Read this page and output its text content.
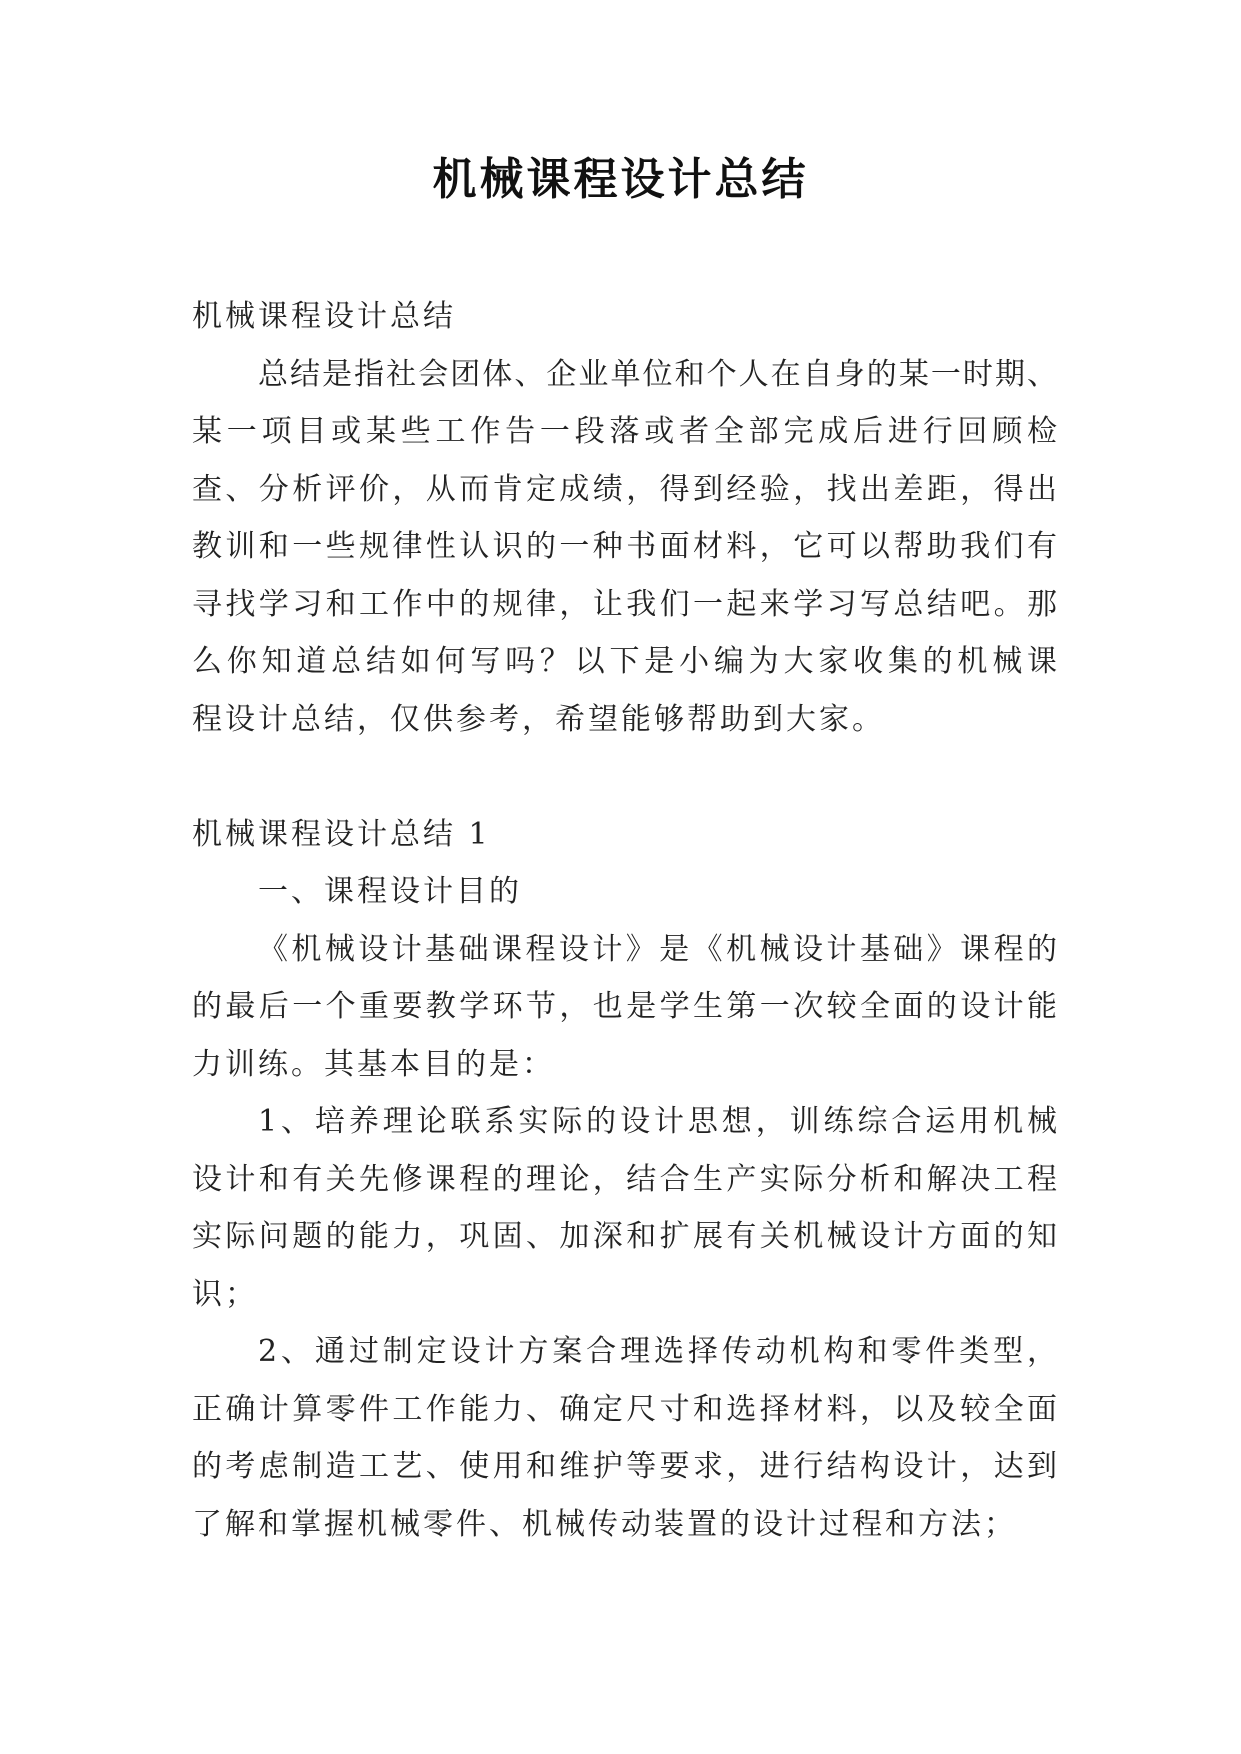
机械课程设计总结
机械课程设计总结
总结是指社会团体、企业单位和个人在自身的某一时期、
某一项目或某些工作告一段落或者全部完成后进行回顾检
查、分析评价，从而肯定成绩，得到经验，找出差距，得出
教训和一些规律性认识的一种书面材料，它可以帮助我们有
寻找学习和工作中的规律，让我们一起来学习写总结吧。那
么你知道总结如何写吗？以下是小编为大家收集的机械课
程设计总结，仅供参考，希望能够帮助到大家。
机械课程设计总结 1
一、课程设计目的
《机械设计基础课程设计》是《机械设计基础》课程的
的最后一个重要教学环节，也是学生第一次较全面的设计能
力训练。其基本目的是：
1、培养理论联系实际的设计思想，训练综合运用机械
设计和有关先修课程的理论，结合生产实际分析和解决工程
实际问题的能力，巩固、加深和扩展有关机械设计方面的知
识；
2、通过制定设计方案合理选择传动机构和零件类型，
正确计算零件工作能力、确定尺寸和选择材料，以及较全面
的考虑制造工艺、使用和维护等要求，进行结构设计，达到
了解和掌握机械零件、机械传动装置的设计过程和方法；
